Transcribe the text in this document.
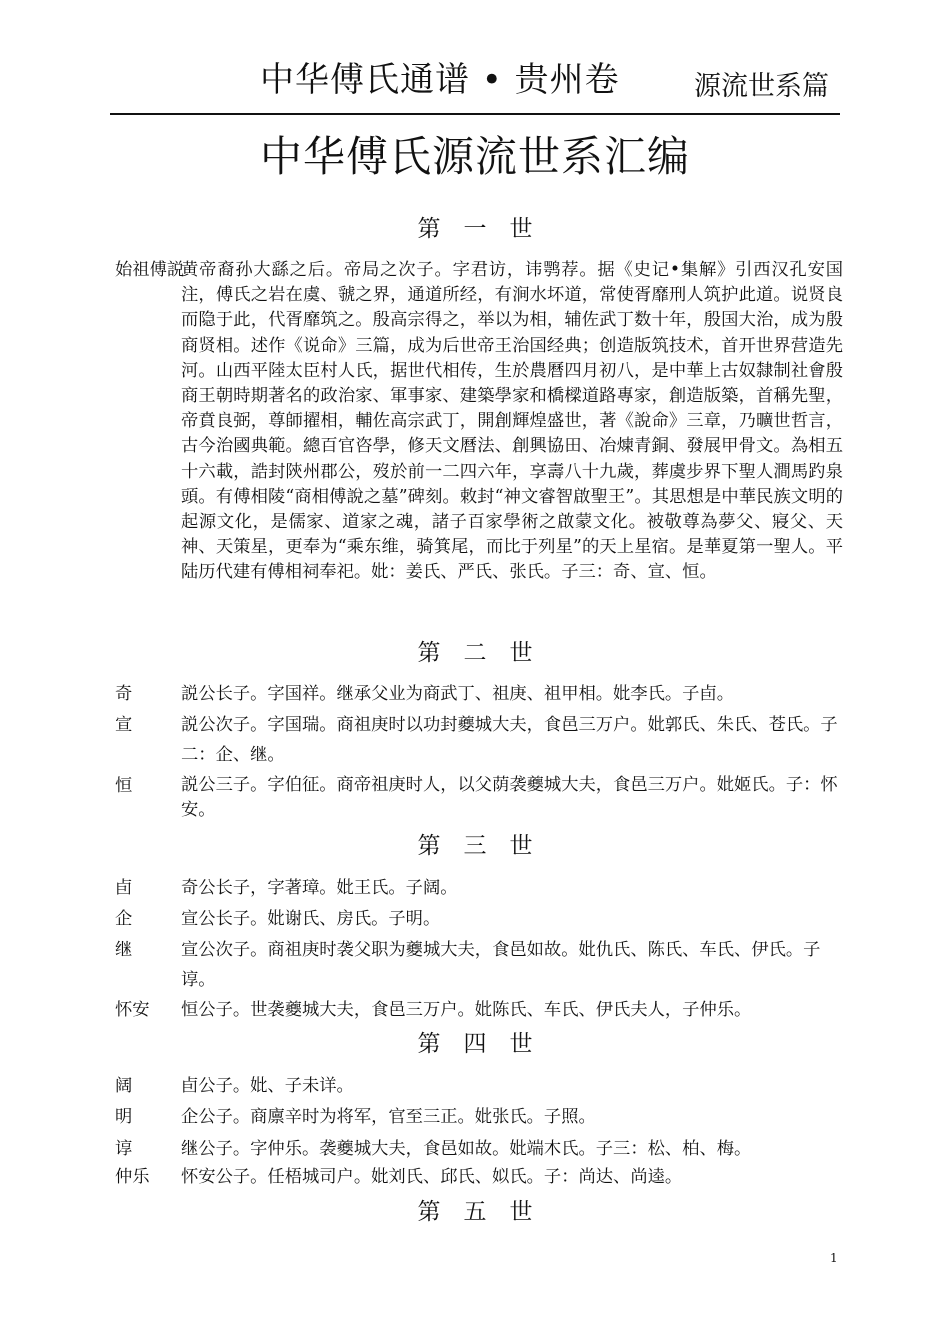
中华傅氏通谱 • 贵州卷	源流世系篇
中华傅氏源流世系汇编
第　一　世
始祖傅説
黄帝裔孙大繇之后。帝局之次子。字君访，讳鹗荐。据《史记•集解》引西汉孔安国注，傅氏之岩在虞、虢之界，通道所经，有涧水坏道，常使胥靡刑人筑护此道。说贤良而隐于此，代胥靡筑之。殷高宗得之，举以为相，辅佐武丁数十年，殷国大治，成为殷商贤相。述作《说命》三篇，成为后世帝王治国经典；创造版筑技术，首开世界营造先河。山西平陸太臣村人氏，据世代相传，生於農曆四月初八，是中華上古奴隸制社會殷商王朝時期著名的政治家、軍事家、建築學家和橋樑道路專家，創造版築，首稱先聖，帝賁良弼，尊師擢相，輔佐高宗武丁，開創輝煌盛世，著《說命》三章，乃曠世哲言，古今治國典範。總百官咨學，修天文曆法、創興協田、冶煉青銅、發展甲骨文。為相五十六載，誥封陝州郡公，歿於前一二四六年，享壽八十九歲，葬虞步界下聖人澗馬趵泉頭。有傅相陵“商相傅說之墓”碑刻。敕封“神文睿智啟聖王”。其思想是中華民族文明的起源文化，是儒家、道家之魂，諸子百家學術之啟蒙文化。被敬尊為夢父、寢父、天神、天策星，更奉为“乘东维，骑箕尾，而比于列星”的天上星宿。是華夏第一聖人。平陆历代建有傅相祠奉祀。妣：姜氏、严氏、张氏。子三：奇、宣、恒。
第　二　世
奇	説公长子。字国祥。继承父业为商武丁、祖庚、祖甲相。妣李氏。子卣。
宣	説公次子。字国瑞。商祖庚时以功封夔城大夫，食邑三万户。妣郭氏、朱氏、苍氏。子二：企、继。
恒	説公三子。字伯征。商帝祖庚时人，以父荫袭夔城大夫，食邑三万户。妣姬氏。子：怀安。
第　三　世
卣	奇公长子，字著璋。妣王氏。子阔。
企	宣公长子。妣谢氏、房氏。子明。
继	宣公次子。商祖庚时袭父职为夔城大夫，食邑如故。妣仇氏、陈氏、车氏、伊氏。子谆。
怀安 恒公子。世袭夔城大夫，食邑三万户。妣陈氏、车氏、伊氏夫人，子仲乐。
第　四　世
阔	卣公子。妣、子未详。
明	企公子。商廪辛时为将军，官至三正。妣张氏。子照。
谆	继公子。字仲乐。袭夔城大夫，食邑如故。妣端木氏。子三：松、柏、梅。
仲乐 怀安公子。任梧城司户。妣刘氏、邱氏、姒氏。子：尚达、尚逵。
第　五　世
1
